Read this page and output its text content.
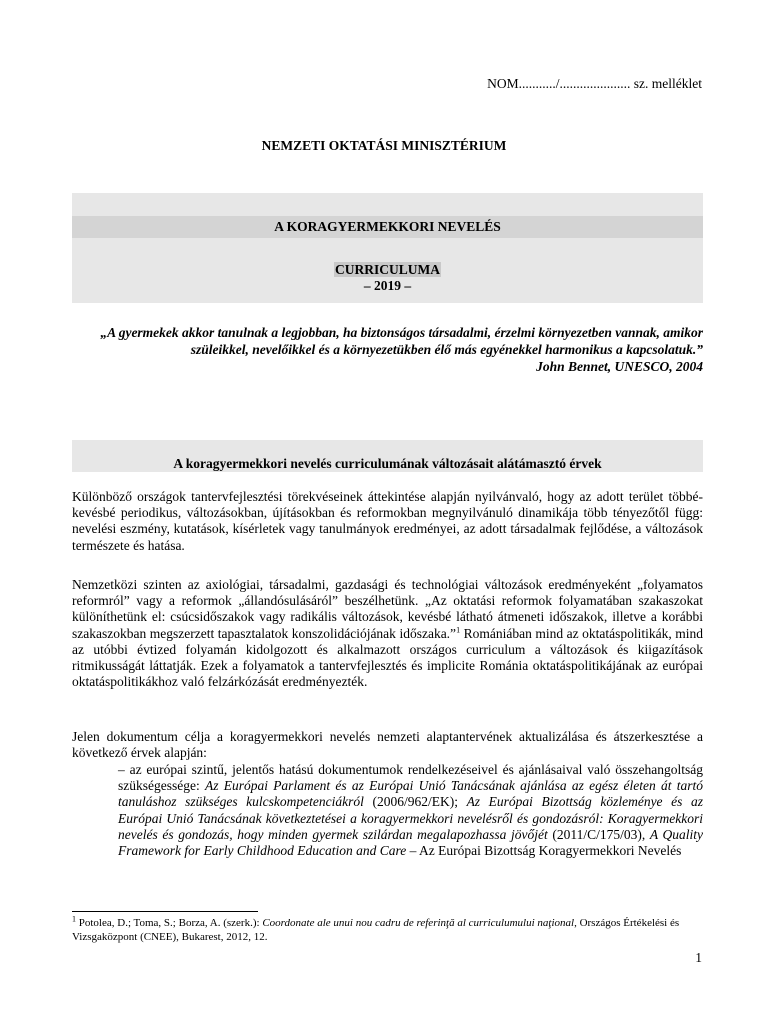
NOM.........../..................... sz. melléklet
NEMZETI OKTATÁSI MINISZTÉRIUM
A KORAGYERMEKKORI NEVELÉS
CURRICULUMA
– 2019 –
„A gyermekek akkor tanulnak a legjobban, ha biztonságos társadalmi, érzelmi környezetben vannak, amikor szüleikkel, nevelőikkel és a környezetükben élő más egyénekkel harmonikus a kapcsolatuk.”
John Bennet, UNESCO, 2004
A koragyermekkori nevelés curriculumának változásait alátámasztó érvek
Különböző országok tantervfejlesztési törekvéseinek áttekintése alapján nyilvánvaló, hogy az adott terület többé-kevésbé periodikus, változásokban, újításokban és reformokban megnyilvánuló dinamikája több tényezőtől függ: nevelési eszmény, kutatások, kísérletek vagy tanulmányok eredményei, az adott társadalmak fejlődése, a változások természete és hatása.
Nemzetközi szinten az axiológiai, társadalmi, gazdasági és technológiai változások eredményeként „folyamatos reformról” vagy a reformok „állandósulásáról” beszélhetünk. „Az oktatási reformok folyamatában szakaszokat különíthetünk el: csúcsidőszakok vagy radikális változások, kevésbé látható átmeneti időszakok, illetve a korábbi szakaszokban megszerzett tapasztalatok konszolidációjának időszaka.”$^1$ Romániában mind az oktatáspolitikák, mind az utóbbi évtized folyamán kidolgozott és alkalmazott országos curriculum a változások és kiigazítások ritmikusságát láttatják. Ezek a folyamatok a tantervfejlesztés és implicite Románia oktatáspolitikájának az európai oktatáspolitikákhoz való felzárkózását eredményezték.
Jelen dokumentum célja a koragyermekkori nevelés nemzeti alaptantervének aktualizálása és átszerkesztése a következő érvek alapján:
– az európai szintű, jelentős hatású dokumentumok rendelkezéseivel és ajánlásaival való összehangoltság szükségessége: Az Európai Parlament és az Európai Unió Tanácsának ajánlása az egész életen át tartó tanuláshoz szükséges kulcskompetenciákról (2006/962/EK); Az Európai Bizottság közleménye és az Európai Unió Tanácsának következtetései a koragyermekkori nevelésről és gondozásról: Koragyermekkori nevelés és gondozás, hogy minden gyermek szilárdan megalapozhassa jövőjét (2011/C/175/03), A Quality Framework for Early Childhood Education and Care – Az Európai Bizottság Koragyermekkori Nevelés
$^1$ Potolea, D.; Toma, S.; Borza, A. (szerk.): Coordonate ale unui nou cadru de referinţă al curriculumului naţional, Országos Értékelési és Vizsgaközpont (CNEE), Bukarest, 2012, 12.
1
